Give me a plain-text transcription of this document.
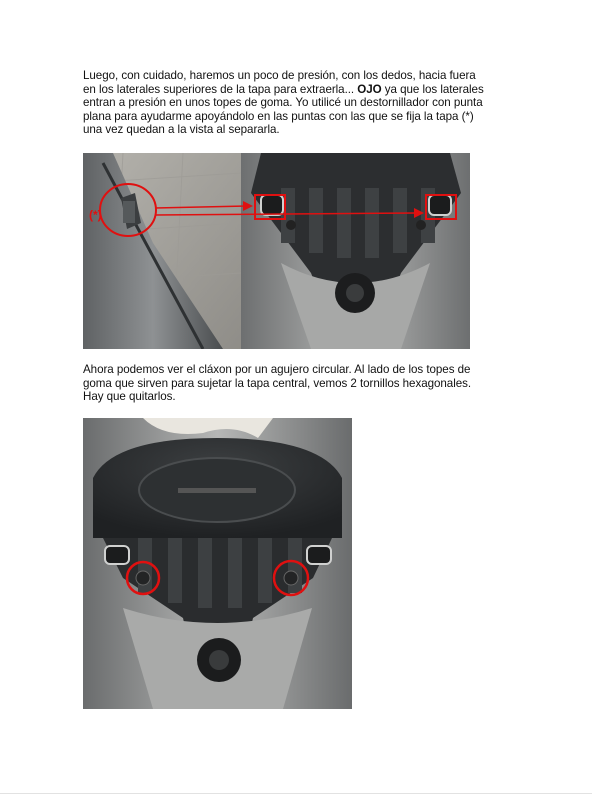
Luego, con cuidado, haremos un poco de presión, con los dedos, hacia fuera
en los laterales superiores de la tapa para extraerla... OJO ya que los laterales
entran a presión en unos topes de goma. Yo utilicé un destornillador con punta
plana para ayudarme apoyándolo en las puntas con las que se fija la tapa (*)
una vez quedan a la vista al separarla.
(*)
Ahora podemos ver el cláxon por un agujero circular. Al lado de los topes de
goma que sirven para sujetar la tapa central, vemos 2 tornillos hexagonales.
Hay que quitarlos.
